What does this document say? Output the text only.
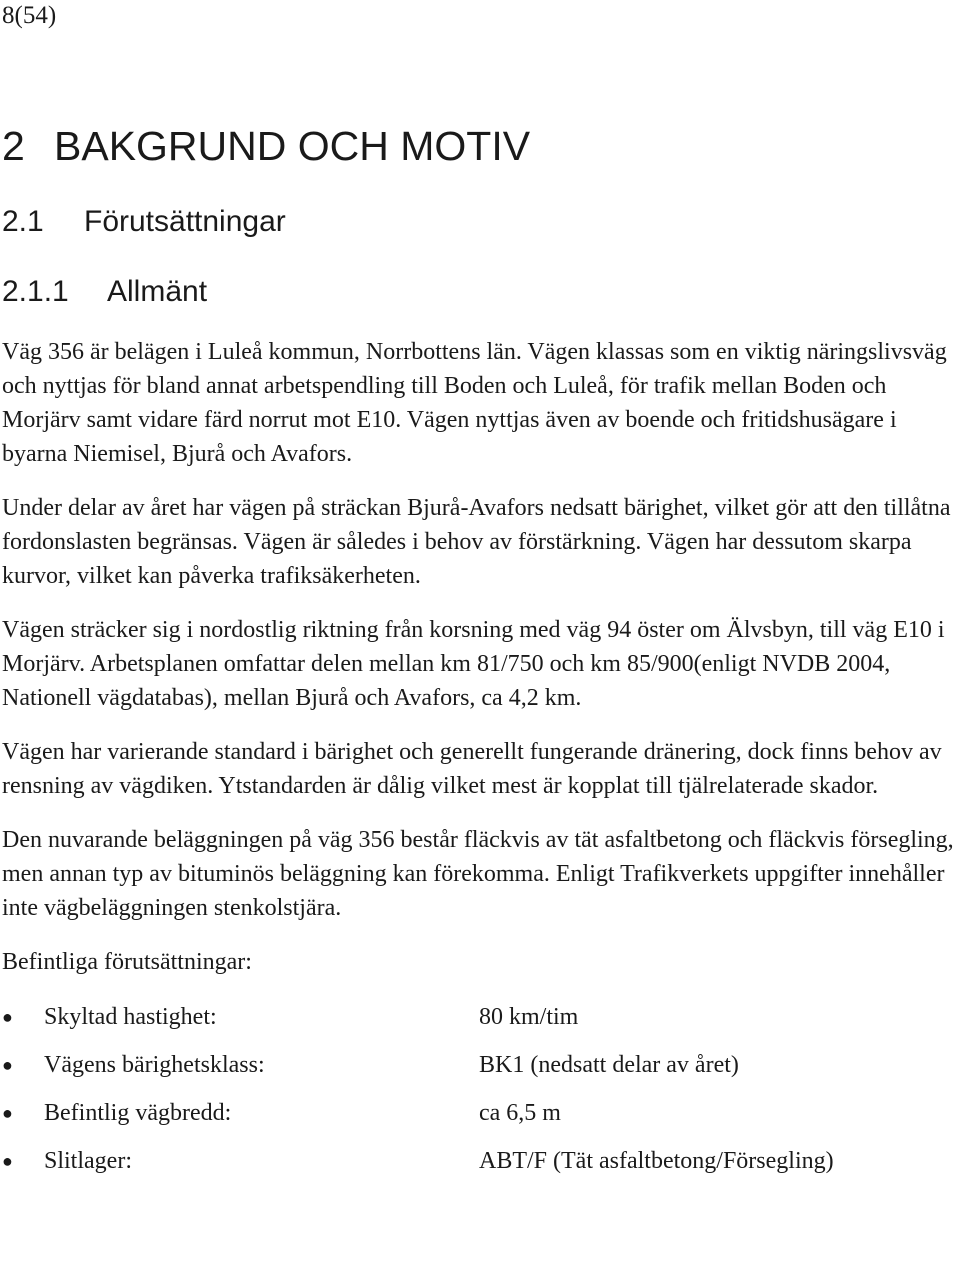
8(54)
2 BAKGRUND OCH MOTIV
2.1 Förutsättningar
2.1.1 Allmänt

Väg 356 är belägen i Luleå kommun, Norrbottens län. Vägen klassas som en viktig näringslivsväg och nyttjas för bland annat arbetspendling till Boden och Luleå, för trafik mellan Boden och Morjärv samt vidare färd norrut mot E10. Vägen nyttjas även av boende och fritidshusägare i byarna Niemisel, Bjurå och Avafors.

Under delar av året har vägen på sträckan Bjurå-Avafors nedsatt bärighet, vilket gör att den tillåtna fordonslasten begränsas. Vägen är således i behov av förstärkning. Vägen har dessutom skarpa kurvor, vilket kan påverka trafiksäkerheten.

Vägen sträcker sig i nordostlig riktning från korsning med väg 94 öster om Älvsbyn, till väg E10 i Morjärv. Arbetsplanen omfattar delen mellan km 81/750 och km 85/900(enligt NVDB 2004, Nationell vägdatabas), mellan Bjurå och Avafors, ca 4,2 km.

Vägen har varierande standard i bärighet och generellt fungerande dränering, dock finns behov av rensning av vägdiken. Ytstandarden är dålig vilket mest är kopplat till tjälrelaterade skador.

Den nuvarande beläggningen på väg 356 består fläckvis av tät asfaltbetong och fläckvis försegling, men annan typ av bituminös beläggning kan förekomma. Enligt Trafikverkets uppgifter innehåller inte vägbeläggningen stenkolstjära.

Befintliga förutsättningar:

●	Skyltad hastighet:	80 km/tim
●	Vägens bärighetsklass:	BK1 (nedsatt delar av året)
●	Befintlig vägbredd:	ca 6,5 m
●	Slitlager:	ABT/F (Tät asfaltbetong/Försegling)
